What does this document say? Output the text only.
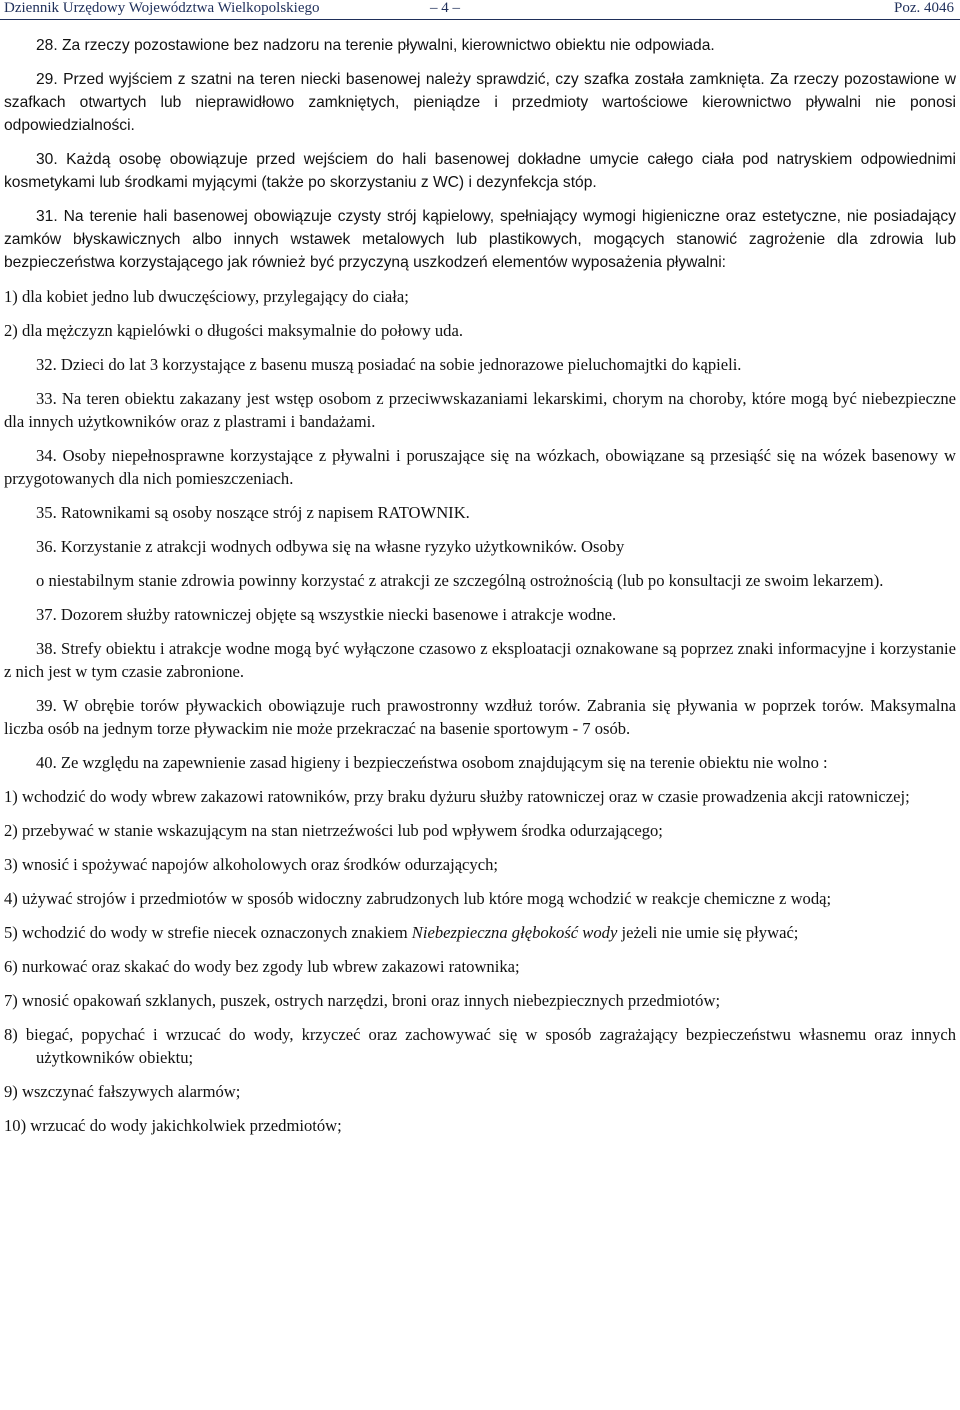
Dziennik Urzędowy Województwa Wielkopolskiego	– 4 –	Poz. 4046

28. Za rzeczy pozostawione bez nadzoru na terenie pływalni, kierownictwo obiektu nie odpowiada.

29. Przed wyjściem z szatni na teren niecki basenowej należy sprawdzić, czy szafka została zamknięta. Za rzeczy pozostawione w szafkach otwartych lub nieprawidłowo zamkniętych, pieniądze i przedmioty wartościowe kierownictwo pływalni nie ponosi odpowiedzialności.

30. Każdą osobę obowiązuje przed wejściem do hali basenowej dokładne umycie całego ciała pod natryskiem odpowiednimi kosmetykami lub środkami myjącymi (także po skorzystaniu z WC) i dezynfekcja stóp.

31. Na terenie hali basenowej obowiązuje czysty strój kąpielowy, spełniający wymogi higieniczne oraz estetyczne, nie posiadający zamków błyskawicznych albo innych wstawek metalowych lub plastikowych, mogących stanowić zagrożenie dla zdrowia lub bezpieczeństwa korzystającego jak również być przyczyną uszkodzeń elementów wyposażenia pływalni:

1) dla kobiet jedno lub dwuczęściowy, przylegający do ciała;

2) dla mężczyzn kąpielówki o długości maksymalnie do połowy uda.

32. Dzieci do lat 3 korzystające z basenu muszą posiadać na sobie jednorazowe pieluchomajtki do kąpieli.

33. Na teren obiektu zakazany jest wstęp osobom z przeciwwskazaniami lekarskimi, chorym na choroby, które mogą być niebezpieczne dla innych użytkowników oraz z plastrami i bandażami.

34. Osoby niepełnosprawne korzystające z pływalni i poruszające się na wózkach, obowiązane są przesiąść się na wózek basenowy w przygotowanych dla nich pomieszczeniach.

35. Ratownikami są osoby noszące strój z napisem RATOWNIK.

36. Korzystanie z atrakcji wodnych odbywa się na własne ryzyko użytkowników. Osoby

o niestabilnym stanie zdrowia powinny korzystać z atrakcji ze szczególną ostrożnością (lub po konsultacji ze swoim lekarzem).

37. Dozorem służby ratowniczej objęte są wszystkie niecki basenowe i atrakcje wodne.

38. Strefy obiektu i atrakcje wodne mogą być wyłączone czasowo z eksploatacji oznakowane są poprzez znaki informacyjne i korzystanie z nich jest w tym czasie zabronione.

39. W obrębie torów pływackich obowiązuje ruch prawostronny wzdłuż torów. Zabrania się pływania w poprzek torów. Maksymalna liczba osób na jednym torze pływackim nie może przekraczać na basenie sportowym - 7 osób.

40. Ze względu na zapewnienie zasad higieny i bezpieczeństwa osobom znajdującym się na terenie obiektu nie wolno :

1) wchodzić do wody wbrew zakazowi ratowników, przy braku dyżuru służby ratowniczej oraz w czasie prowadzenia akcji ratowniczej;

2) przebywać w stanie wskazującym na stan nietrzeźwości lub pod wpływem środka odurzającego;

3) wnosić i spożywać napojów alkoholowych oraz środków odurzających;

4) używać strojów i przedmiotów w sposób widoczny zabrudzonych lub które mogą wchodzić w reakcje chemiczne z wodą;

5) wchodzić do wody w strefie niecek oznaczonych znakiem Niebezpieczna głębokość wody jeżeli nie umie się pływać;

6) nurkować oraz skakać do wody bez zgody lub wbrew zakazowi ratownika;

7) wnosić opakowań szklanych, puszek, ostrych narzędzi, broni oraz innych niebezpiecznych przedmiotów;

8) biegać, popychać i wrzucać do wody, krzyczeć oraz zachowywać się w sposób zagrażający bezpieczeństwu własnemu oraz innych użytkowników obiektu;

9) wszczynać fałszywych alarmów;

10) wrzucać do wody jakichkolwiek przedmiotów;
